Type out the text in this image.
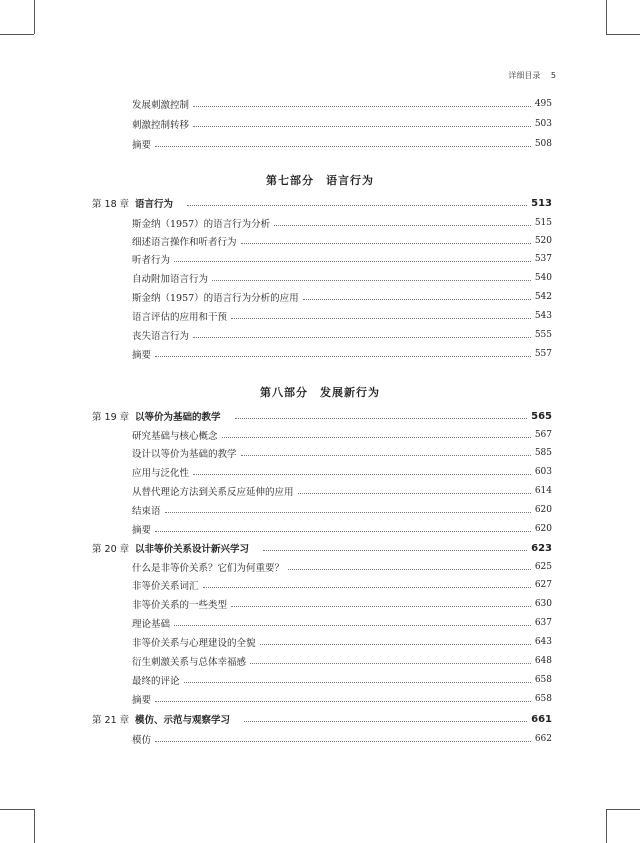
详细目录 5
第七部分 语言行为
第八部分 发展新行为
发展刺激控制	495
刺激控制转移	503
摘要	508
第 18 章 语言行为	513
斯金纳（1957）的语言行为分析	515
细述语言操作和听者行为	520
听者行为	537
自动附加语言行为	540
斯金纳（1957）的语言行为分析的应用	542
语言评估的应用和干预	543
丧失语言行为	555
摘要	557
第 19 章 以等价为基础的教学	565
研究基础与核心概念	567
设计以等价为基础的教学	585
应用与泛化性	603
从替代理论方法到关系反应延伸的应用	614
结束语	620
摘要	620
第 20 章 以非等价关系设计新兴学习	623
什么是非等价关系？它们为何重要？	625
非等价关系词汇	627
非等价关系的一些类型	630
理论基础	637
非等价关系与心理建设的全貌	643
衍生刺激关系与总体幸福感	648
最终的评论	658
摘要	658
第 21 章 模仿、示范与观察学习	661
模仿	662
